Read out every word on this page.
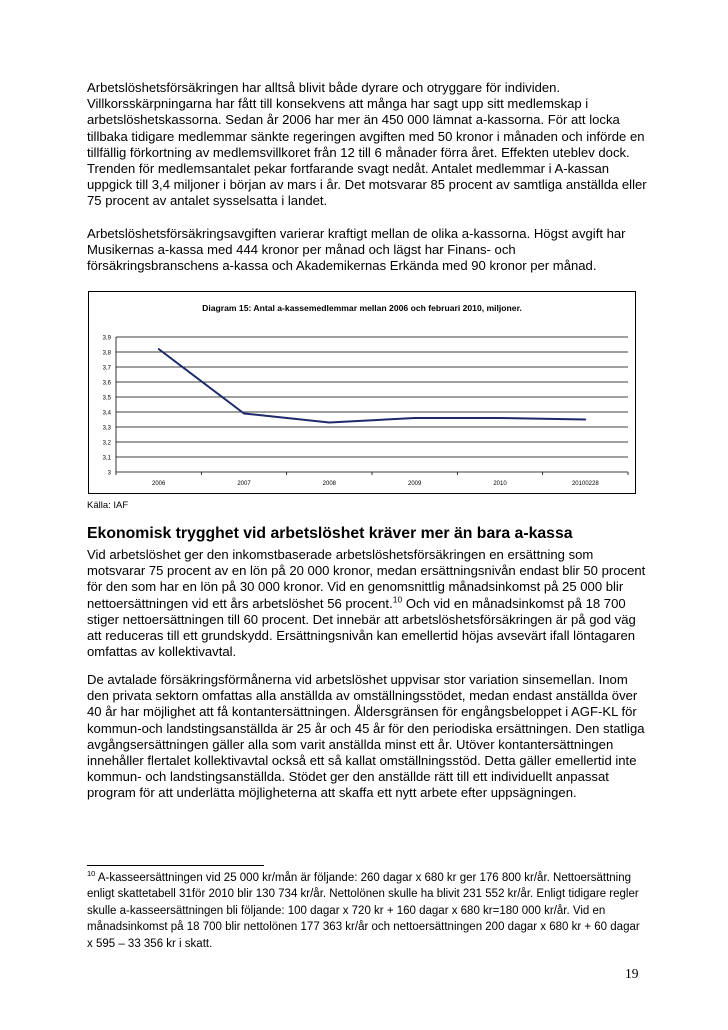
Arbetslöshetsförsäkringen har alltså blivit både dyrare och otryggare för individen. Villkorsskärpningarna har fått till konsekvens att många har sagt upp sitt medlemskap i arbetslöshetskassorna. Sedan år 2006 har mer än 450 000 lämnat a-kassorna. För att locka tillbaka tidigare medlemmar sänkte regeringen avgiften med 50 kronor i månaden och införde en tillfällig förkortning av medlemsvillkoret från 12 till 6 månader förra året. Effekten uteblev dock. Trenden för medlemsantalet pekar fortfarande svagt nedåt. Antalet medlemmar i A-kassan uppgick till 3,4 miljoner i början av mars i år. Det motsvarar 85 procent av samtliga anställda eller 75 procent av antalet sysselsatta i landet.

Arbetslöshetsförsäkringsavgiften varierar kraftigt mellan de olika a-kassorna. Högst avgift har Musikernas a-kassa med 444 kronor per månad och lägst har Finans- och försäkringsbranschens a-kassa och Akademikernas Erkända med 90 kronor per månad.

Diagram 15: Antal a-kassemedlemmar mellan 2006 och februari 2010, miljoner.
3
3,1
3,2
3,3
3,4
3,5
3,6
3,7
3,8
3,9
2006	2007	2008	2009	2010	20100228
Källa: IAF
Ekonomisk trygghet vid arbetslöshet kräver mer än bara a-kassa

Vid arbetslöshet ger den inkomstbaserade arbetslöshetsförsäkringen en ersättning som motsvarar 75 procent av en lön på 20 000 kronor, medan ersättningsnivån endast blir 50 procent för den som har en lön på 30 000 kronor. Vid en genomsnittlig månadsinkomst på 25 000 blir nettoersättningen vid ett års arbetslöshet 56 procent.$^{10}$ Och vid en månadsinkomst på 18 700 stiger nettoersättningen till 60 procent. Det innebär att arbetslöshetsförsäkringen är på god väg att reduceras till ett grundskydd. Ersättningsnivån kan emellertid höjas avsevärt ifall löntagaren omfattas av kollektivavtal.

De avtalade försäkringsförmånerna vid arbetslöshet uppvisar stor variation sinsemellan. Inom den privata sektorn omfattas alla anställda av omställningsstödet, medan endast anställda över 40 år har möjlighet att få kontantersättningen. Åldersgränsen för engångsbeloppet i AGF-KL för kommun-och landstingsanställda är 25 år och 45 år för den periodiska ersättningen. Den statliga avgångsersättningen gäller alla som varit anställda minst ett år. Utöver kontantersättningen innehåller flertalet kollektivavtal också ett så kallat omställningsstöd. Detta gäller emellertid inte kommun- och landstingsanställda. Stödet ger den anställde rätt till ett individuellt anpassat program för att underlätta möjligheterna att skaffa ett nytt arbete efter uppsägningen.

$^{10}$ A-kasseersättningen vid 25 000 kr/mån är följande: 260 dagar x 680 kr ger 176 800 kr/år. Nettoersättning enligt skattetabell 31för 2010 blir 130 734 kr/år. Nettolönen skulle ha blivit 231 552 kr/år. Enligt tidigare regler skulle a-kasseersättningen bli följande: 100 dagar x 720 kr + 160 dagar x 680 kr=180 000 kr/år. Vid en månadsinkomst på 18 700 blir nettolönen 177 363 kr/år och nettoersättningen 200 dagar x 680 kr + 60 dagar x 595 – 33 356 kr i skatt.

19
